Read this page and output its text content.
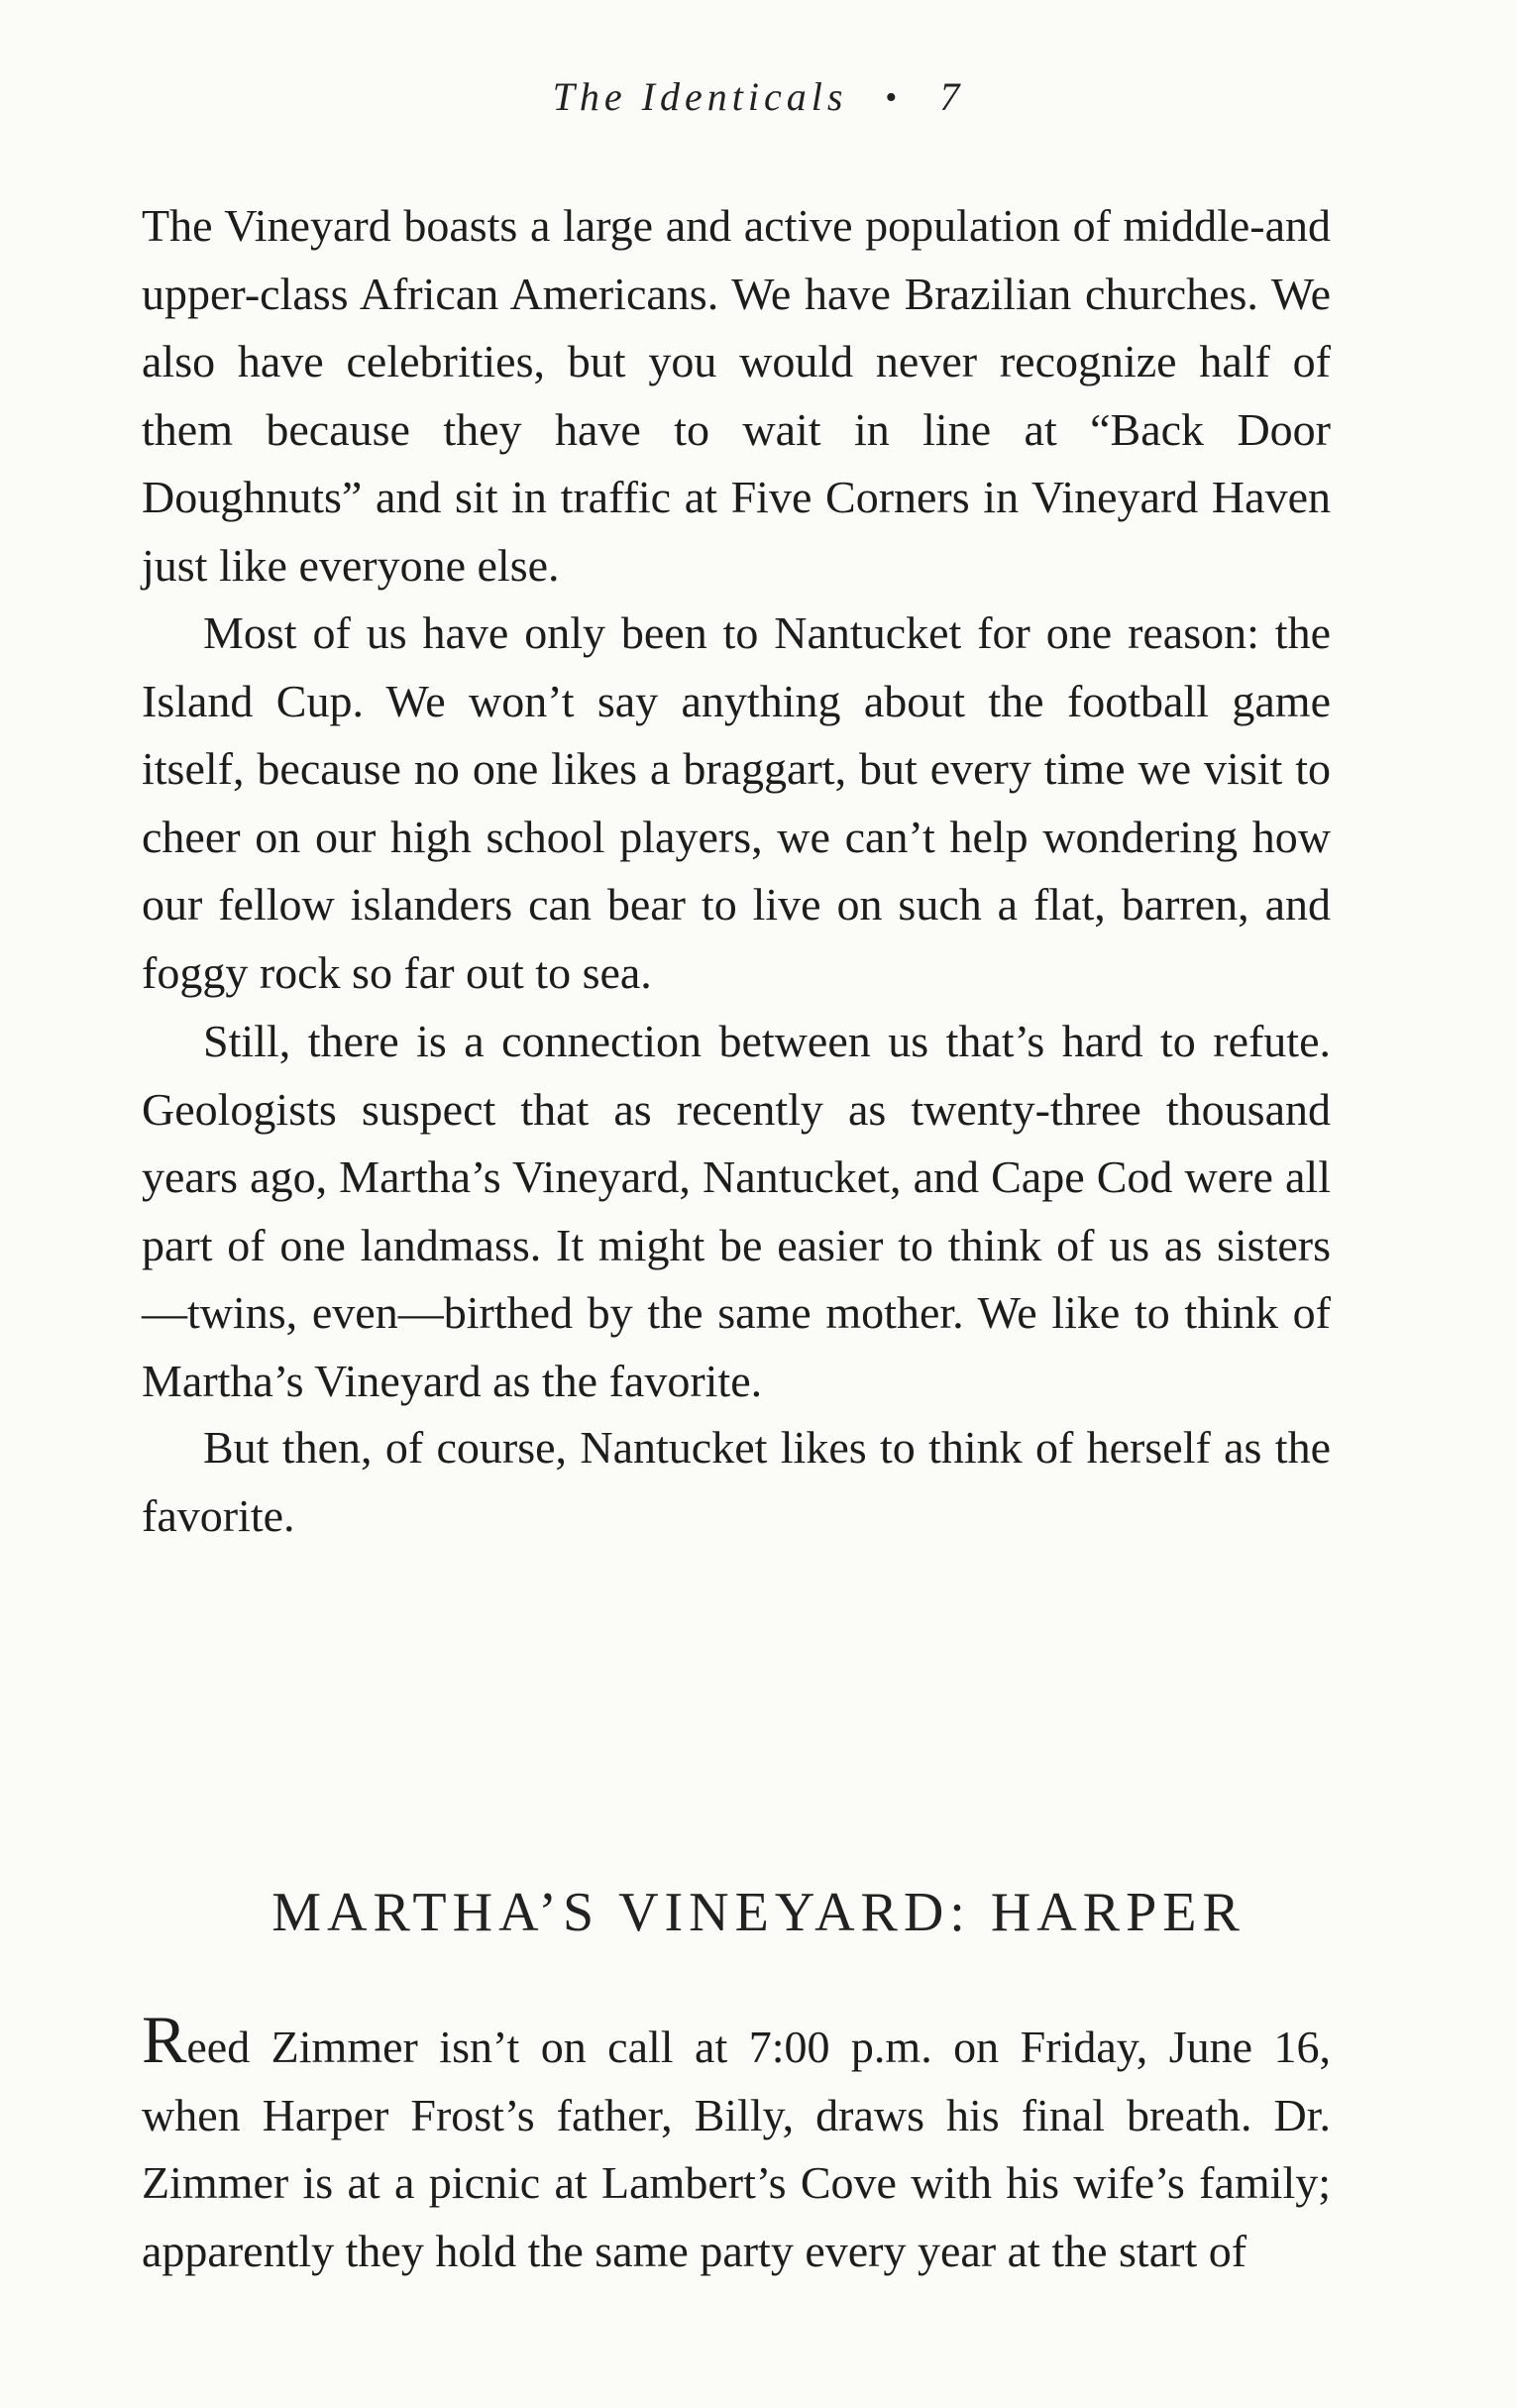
The Identicals • 7

The Vineyard boasts a large and active population of middle-and upper-class African Americans. We have Brazilian churches. We also have celebrities, but you would never recognize half of them because they have to wait in line at “Back Door Doughnuts” and sit in traffic at Five Corners in Vineyard Haven just like everyone else.

Most of us have only been to Nantucket for one reason: the Island Cup. We won’t say anything about the football game itself, because no one likes a braggart, but every time we visit to cheer on our high school players, we can’t help wondering how our fellow islanders can bear to live on such a flat, barren, and foggy rock so far out to sea.

Still, there is a connection between us that’s hard to refute. Geologists suspect that as recently as twenty-three thousand years ago, Martha’s Vineyard, Nantucket, and Cape Cod were all part of one landmass. It might be easier to think of us as sisters—twins, even—birthed by the same mother. We like to think of Martha’s Vineyard as the favorite.

But then, of course, Nantucket likes to think of herself as the favorite.

MARTHA’S VINEYARD: HARPER

Reed Zimmer isn’t on call at 7:00 p.m. on Friday, June 16, when Harper Frost’s father, Billy, draws his final breath. Dr. Zimmer is at a picnic at Lambert’s Cove with his wife’s family; apparently they hold the same party every year at the start of
